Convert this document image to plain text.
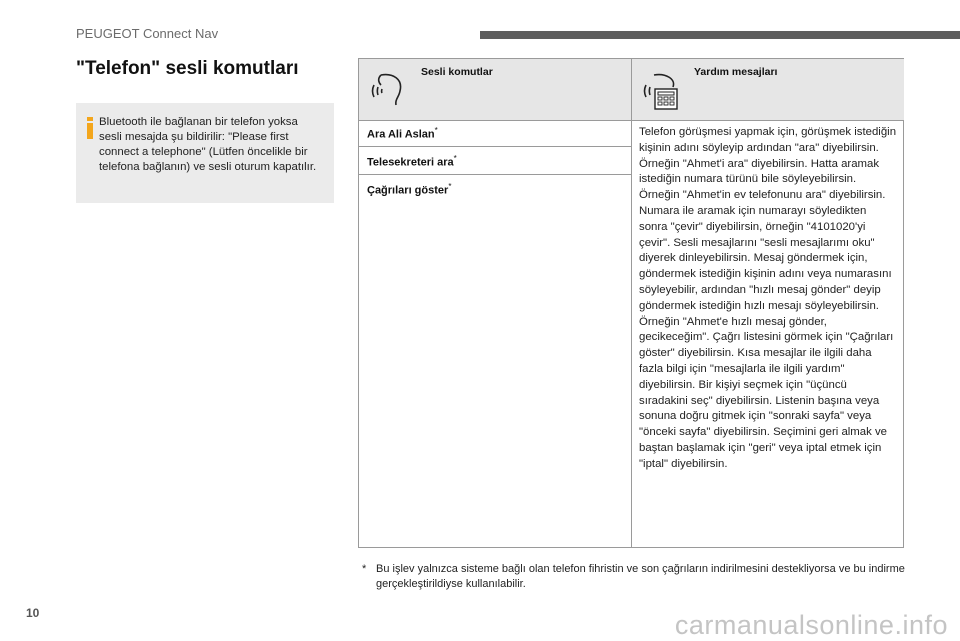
PEUGEOT Connect Nav
"Telefon" sesli komutları
Bluetooth ile bağlanan bir telefon yoksa sesli mesajda şu bildirilir: "Please first connect a telephone" (Lütfen öncelikle bir telefona bağlanın) ve sesli oturum kapatılır.
Sesli komutlar	Yardım mesajları
Ara Ali Aslan*
Telesekreteri ara*
Çağrıları göster*
Telefon görüşmesi yapmak için, görüşmek istediğin kişinin adını söyleyip ardından "ara" diyebilirsin. Örneğin "Ahmet'i ara" diyebilirsin. Hatta aramak istediğin numara türünü bile söyleyebilirsin. Örneğin "Ahmet'in ev telefonunu ara" diyebilirsin. Numara ile aramak için numarayı söyledikten sonra "çevir" diyebilirsin, örneğin "4101020'yi çevir". Sesli mesajlarını "sesli mesajlarımı oku" diyerek dinleyebilirsin. Mesaj göndermek için, göndermek istediğin kişinin adını veya numarasını söyleyebilir, ardından "hızlı mesaj gönder" deyip göndermek istediğin hızlı mesajı söyleyebilirsin. Örneğin "Ahmet'e hızlı mesaj gönder, gecikeceğim". Çağrı listesini görmek için "Çağrıları göster" diyebilirsin. Kısa mesajlar ile ilgili daha fazla bilgi için "mesajlarla ile ilgili yardım" diyebilirsin. Bir kişiyi seçmek için "üçüncü sıradakini seç" diyebilirsin. Listenin başına veya sonuna doğru gitmek için "sonraki sayfa" veya "önceki sayfa" diyebilirsin. Seçimini geri almak ve baştan başlamak için "geri" veya iptal etmek için "iptal" diyebilirsin.
* Bu işlev yalnızca sisteme bağlı olan telefon fihristin ve son çağrıların indirilmesini destekliyorsa ve bu indirme gerçekleştirildiyse kullanılabilir.
10	carmanualsonline.info
